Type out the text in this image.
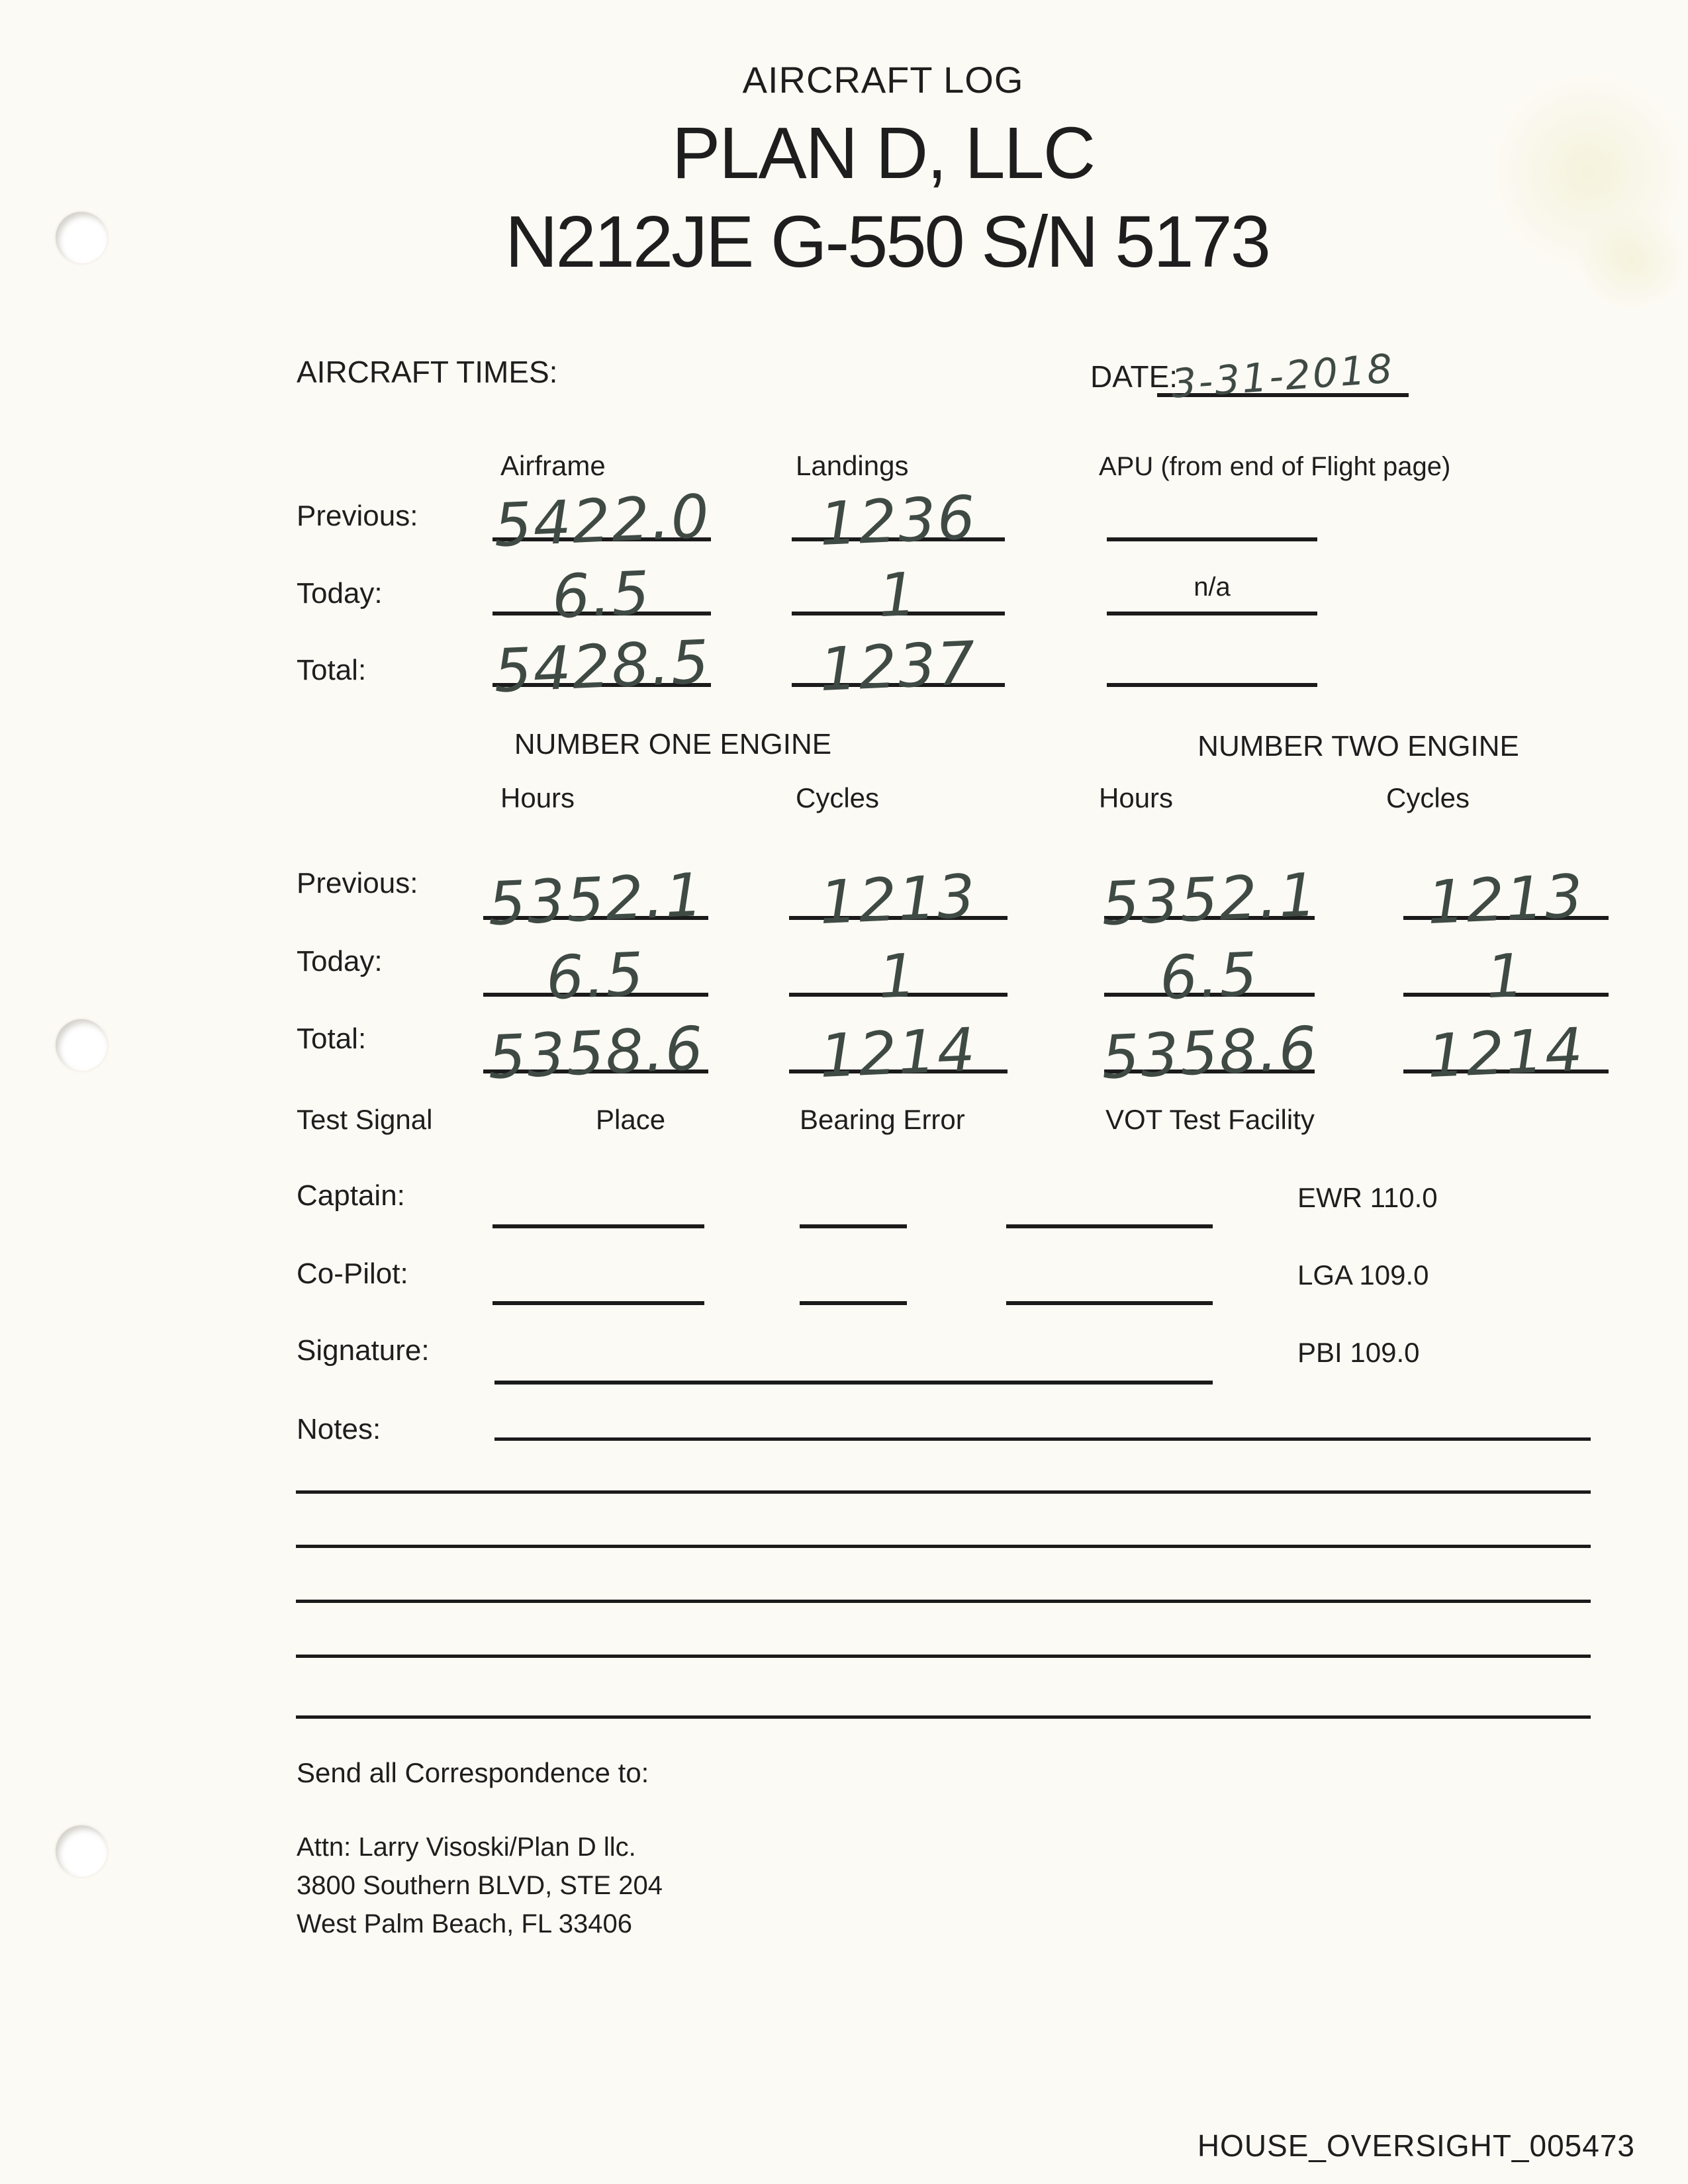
AIRCRAFT LOG
PLAN D, LLC
N212JE G-550 S/N 5173
AIRCRAFT TIMES:	DATE:
3-31-2018
Airframe	Landings	APU (from end of Flight page)
Previous: 5422.0 1236
Today:	6.5	1	n/a
Total: 5428.5 1237
NUMBER ONE ENGINE	NUMBER TWO ENGINE
Hours	Cycles	Hours	Cycles
Previous: 5352.1 1213 5352.1 1213
Today:	6.5	1	6.5	1
Total: 5358.6 1214 5358.6 1214
Test Signal	Place	Bearing Error	VOT Test Facility
Captain:	EWR 110.0
Co-Pilot:	LGA 109.0
Signature:	PBI 109.0
Notes:
Send all Correspondence to:
Attn: Larry Visoski/Plan D llc.
3800 Southern BLVD, STE 204
West Palm Beach, FL 33406
HOUSE_OVERSIGHT_005473
